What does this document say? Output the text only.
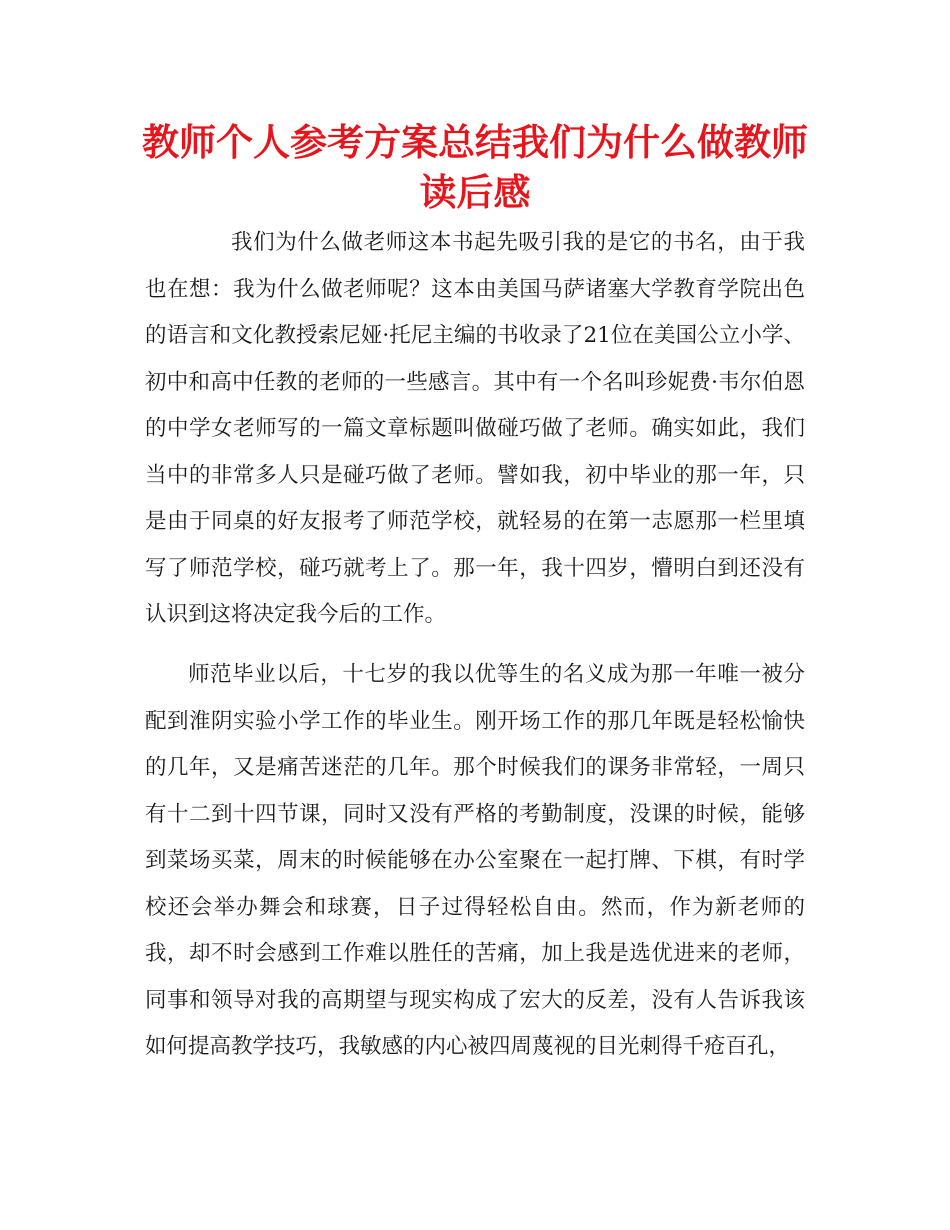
教师个人参考方案总结我们为什么做教师读后感

我们为什么做老师这本书起先吸引我的是它的书名，由于我也在想：我为什么做老师呢？这本由美国马萨诸塞大学教育学院出色的语言和文化教授索尼娅·托尼主编的书收录了21位在美国公立小学、初中和高中任教的老师的一些感言。其中有一个名叫珍妮费·韦尔伯恩的中学女老师写的一篇文章标题叫做碰巧做了老师。确实如此，我们当中的非常多人只是碰巧做了老师。譬如我，初中毕业的那一年，只是由于同桌的好友报考了师范学校，就轻易的在第一志愿那一栏里填写了师范学校，碰巧就考上了。那一年，我十四岁，懵明白到还没有认识到这将决定我今后的工作。

师范毕业以后，十七岁的我以优等生的名义成为那一年唯一被分配到淮阴实验小学工作的毕业生。刚开场工作的那几年既是轻松愉快的几年，又是痛苦迷茫的几年。那个时候我们的课务非常轻，一周只有十二到十四节课，同时又没有严格的考勤制度，没课的时候，能够到菜场买菜，周末的时候能够在办公室聚在一起打牌、下棋，有时学校还会举办舞会和球赛，日子过得轻松自由。然而，作为新老师的我，却不时会感到工作难以胜任的苦痛，加上我是选优进来的老师，同事和领导对我的高期望与现实构成了宏大的反差，没有人告诉我该如何提高教学技巧，我敏感的内心被四周蔑视的目光刺得千疮百孔，
